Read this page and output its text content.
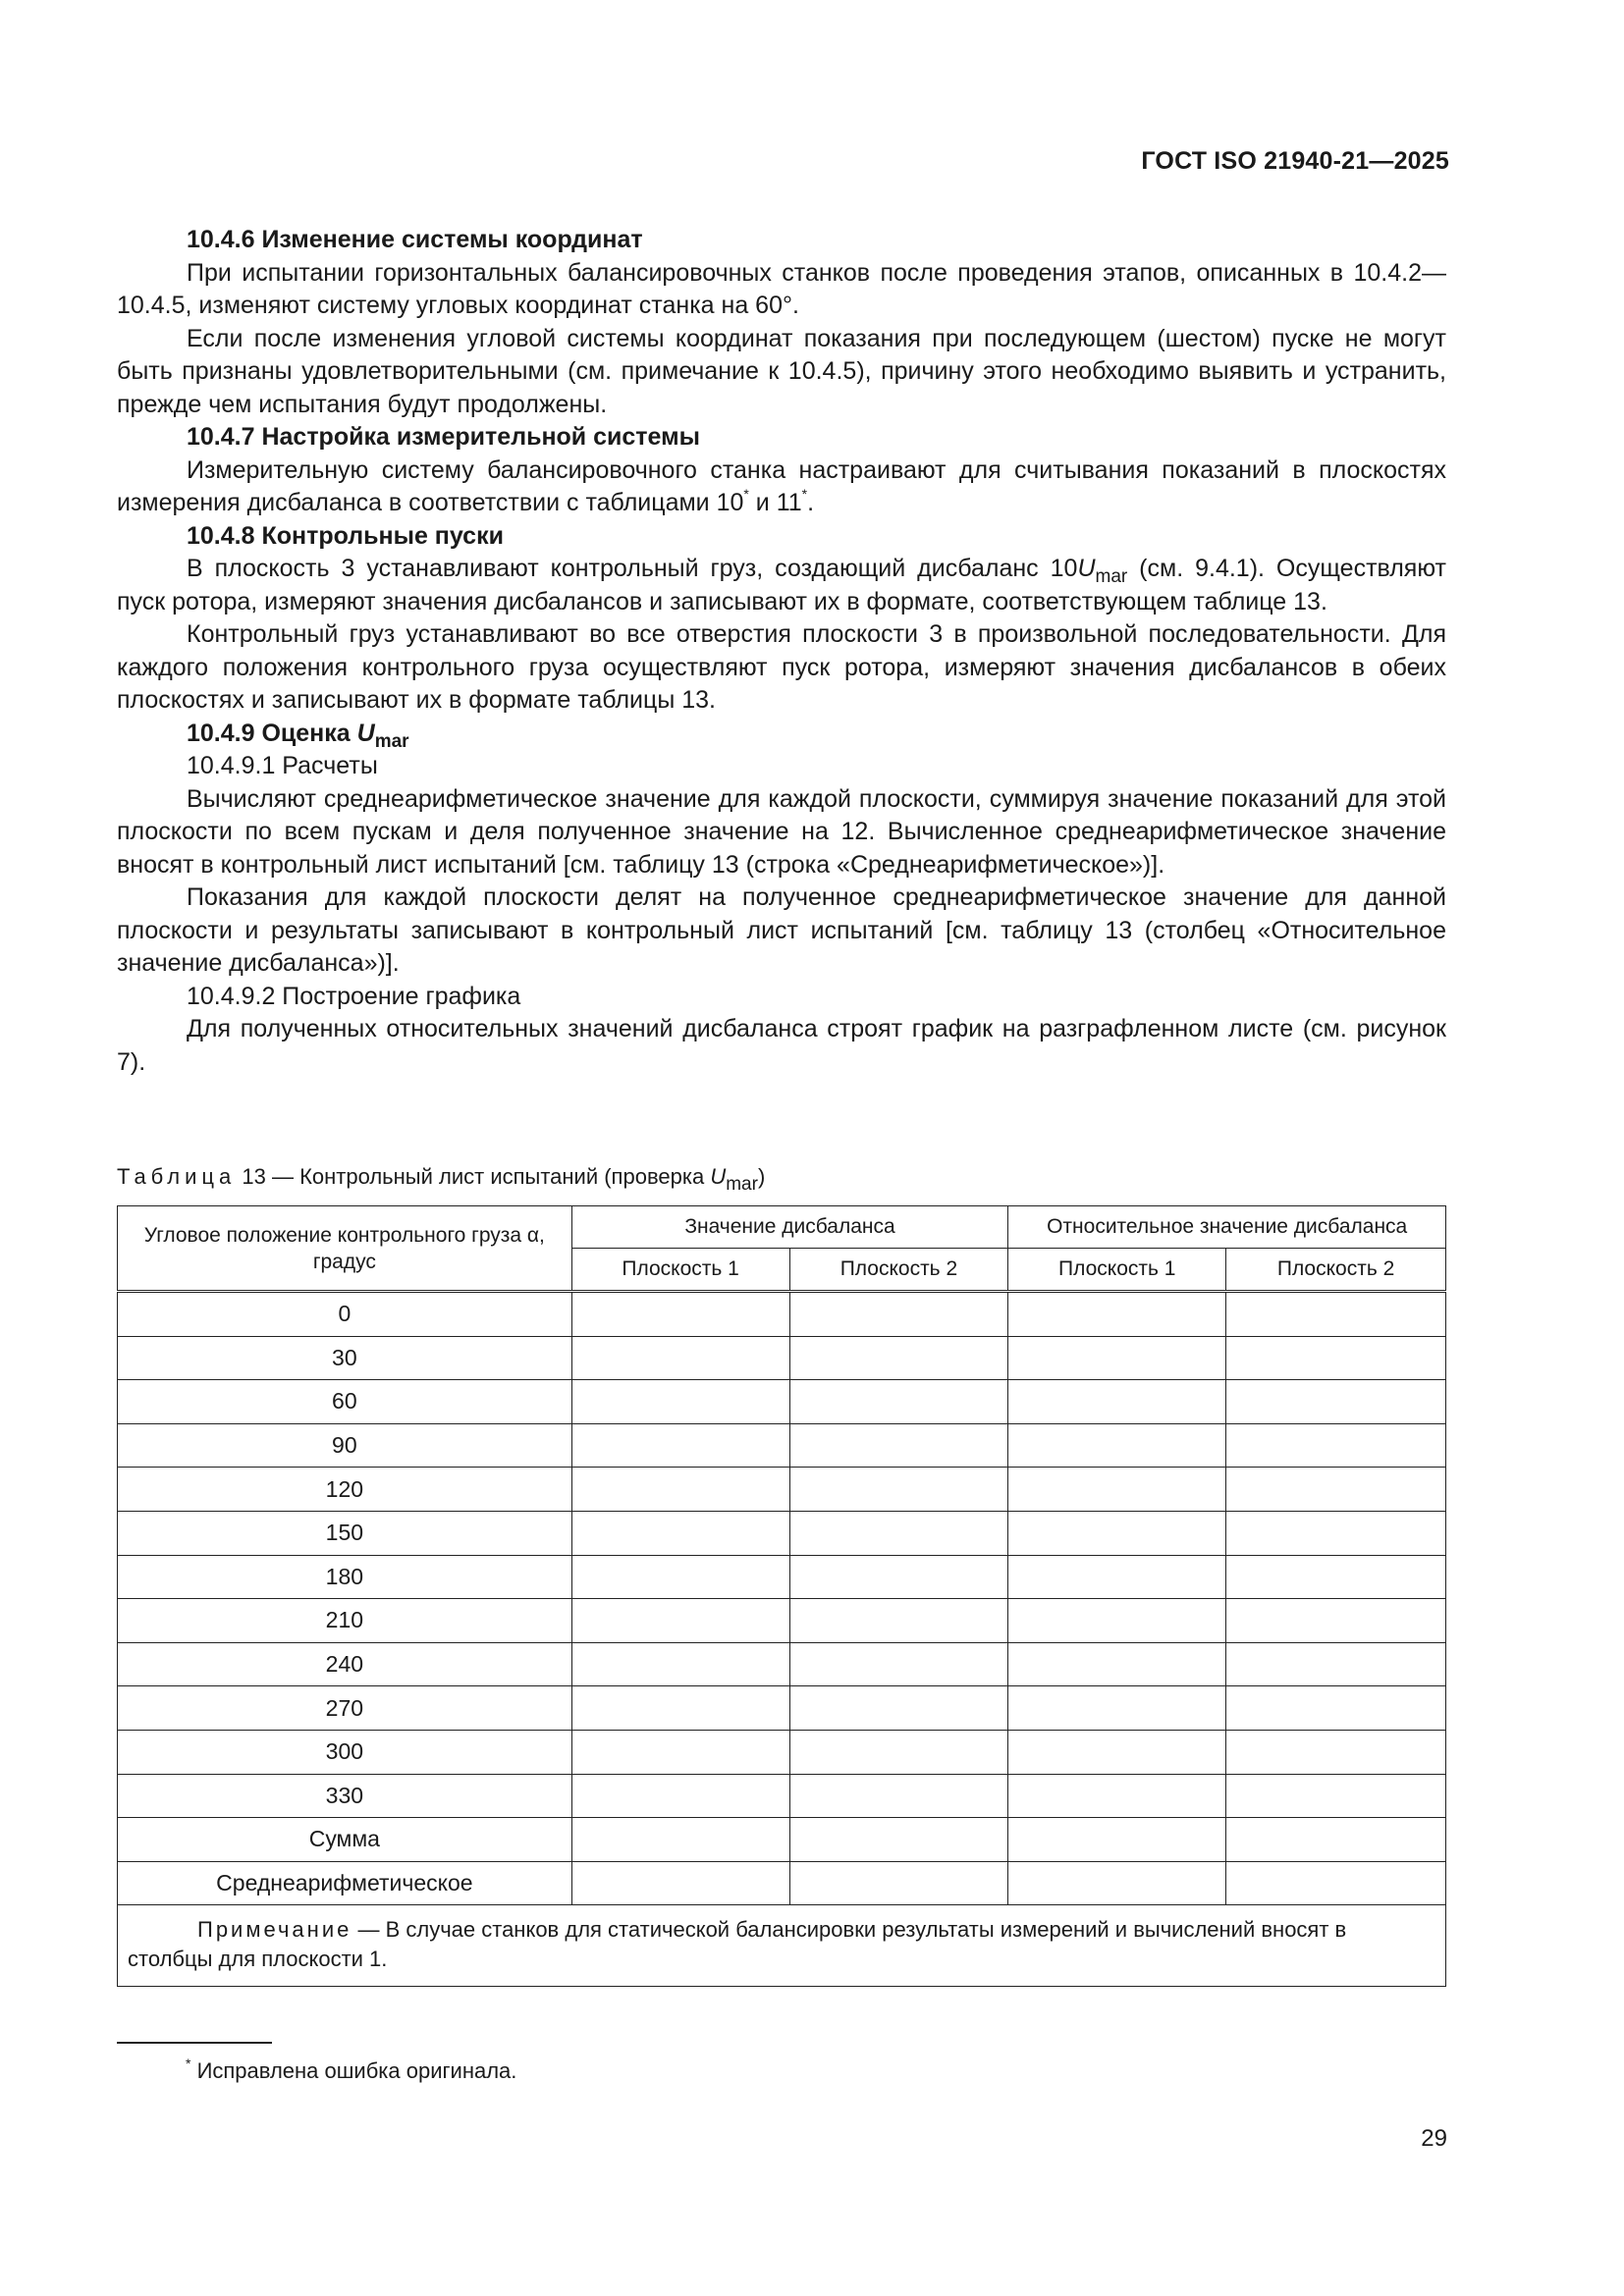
ГОСТ ISO 21940-21—2025

10.4.6 Изменение системы координат

При испытании горизонтальных балансировочных станков после проведения этапов, описанных в 10.4.2—10.4.5, изменяют систему угловых координат станка на 60°.

Если после изменения угловой системы координат показания при последующем (шестом) пуске не могут быть признаны удовлетворительными (см. примечание к 10.4.5), причину этого необходимо выявить и устранить, прежде чем испытания будут продолжены.

10.4.7 Настройка измерительной системы

Измерительную систему балансировочного станка настраивают для считывания показаний в плоскостях измерения дисбаланса в соответствии с таблицами 10* и 11*.

10.4.8 Контрольные пуски

В плоскость 3 устанавливают контрольный груз, создающий дисбаланс $10U_{mar}$ (см. 9.4.1). Осуществляют пуск ротора, измеряют значения дисбалансов и записывают их в формате, соответствующем таблице 13.

Контрольный груз устанавливают во все отверстия плоскости 3 в произвольной последовательности. Для каждого положения контрольного груза осуществляют пуск ротора, измеряют значения дисбалансов в обеих плоскостях и записывают их в формате таблицы 13.

10.4.9 Оценка $U_{mar}$

10.4.9.1 Расчеты

Вычисляют среднеарифметическое значение для каждой плоскости, суммируя значение показаний для этой плоскости по всем пускам и деля полученное значение на 12. Вычисленное среднеарифметическое значение вносят в контрольный лист испытаний [см. таблицу 13 (строка «Среднеарифметическое»)].

Показания для каждой плоскости делят на полученное среднеарифметическое значение для данной плоскости и результаты записывают в контрольный лист испытаний [см. таблицу 13 (столбец «Относительное значение дисбаланса»)].

10.4.9.2 Построение графика

Для полученных относительных значений дисбаланса строят график на разграфленном листе (см. рисунок 7).

Таблица 13 — Контрольный лист испытаний (проверка $U_{mar}$)
Угловое положение контрольного груза α, градус	Значение дисбаланса		Относительное значение дисбаланса	
	Плоскость 1	Плоскость 2	Плоскость 1	Плоскость 2
0				
30				
60				
90				
120				
150				
180				
210				
240				
270				
300				
330				
Сумма				
Среднеарифметическое				
Примечание — В случае станков для статической балансировки результаты измерений и вычислений вносят в столбцы для плоскости 1.				
* Исправлена ошибка оригинала.
29
